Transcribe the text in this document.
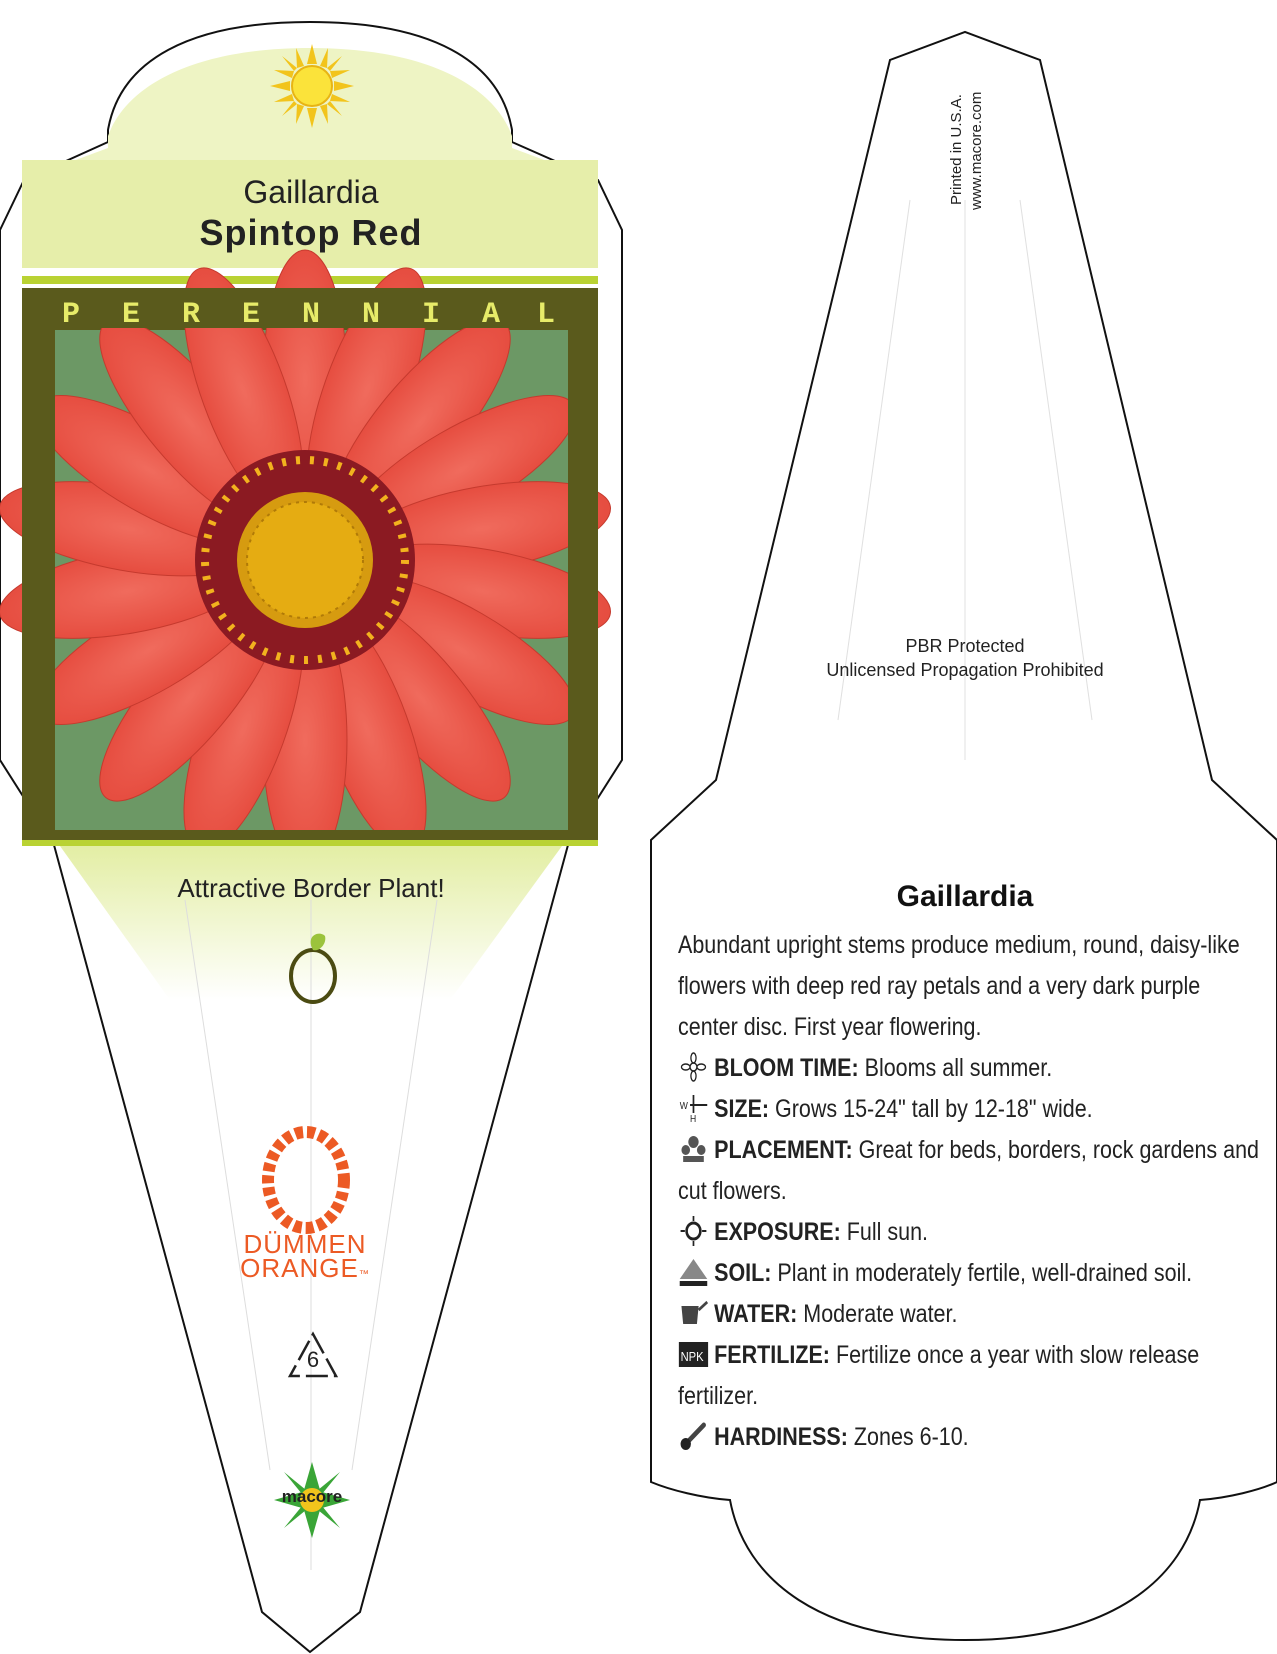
Gaillardia
Spintop Red
P E R E N N I A L
Attractive Border Plant!
DÜMMEN
ORANGE™
6
macore
Printed in U.S.A. www.macore.com
PBR Protected
Unlicensed Propagation Prohibited
Gaillardia
Abundant upright stems produce medium, round, daisy-like flowers with deep red ray petals and a very dark purple center disc. First year flowering.
BLOOM TIME: Blooms all summer.
W
H SIZE: Grows 15-24" tall by 12-18" wide.
PLACEMENT: Great for beds, borders, rock gardens and cut flowers.
EXPOSURE: Full sun.
SOIL: Plant in moderately fertile, well-drained soil.
WATER: Moderate water.
NPK FERTILIZE: Fertilize once a year with slow release fertilizer.
HARDINESS: Zones 6-10.
